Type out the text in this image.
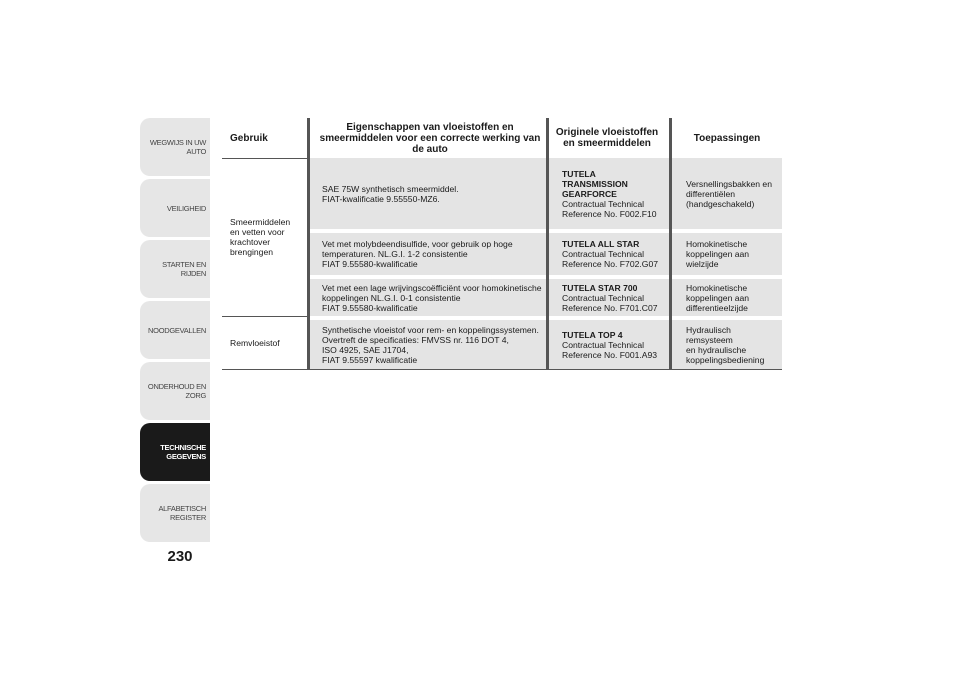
WEGWIJS IN UW
AUTO
VEILIGHEID
STARTEN EN RIJDEN
NOODGEVALLEN
ONDERHOUD EN
ZORG
TECHNISCHE
GEGEVENS
ALFABETISCH
REGISTER
230
Gebruik
Eigenschappen van vloeistoffen en smeermiddelen voor een correcte werking van de auto
Originele vloeistoffen en smeermiddelen	Toepassingen
Smeermiddelen
en vetten voor
krachtover
brengingen
Remvloeistof
SAE 75W synthetisch smeermiddel.
FIAT-kwalificatie 9.55550-MZ6.
TUTELA
TRANSMISSION
GEARFORCE
Contractual Technical
Reference No. F002.F10
Versnellingsbakken en
differentiëlen
(handgeschakeld)
Vet met molybdeendisulfide, voor gebruik op hoge
temperaturen. NL.G.I. 1-2 consistentie
FIAT 9.55580-kwalificatie
TUTELA ALL STAR
Contractual Technical
Reference No. F702.G07
Homokinetische
koppelingen aan
wielzijde
Vet met een lage wrijvingscoëfficiënt voor homokinetische
koppelingen NL.G.I. 0-1 consistentie
FIAT 9.55580-kwalificatie
TUTELA STAR 700
Contractual Technical
Reference No. F701.C07
Homokinetische
koppelingen aan
differentieelzijde
Synthetische vloeistof voor rem- en koppelingssystemen.
Overtreft de specificaties: FMVSS nr. 116 DOT 4,
ISO 4925, SAE J1704,
FIAT 9.55597 kwalificatie
TUTELA TOP 4
Contractual Technical
Reference No. F001.A93
Hydraulisch remsysteem
en hydraulische
koppelingsbediening
